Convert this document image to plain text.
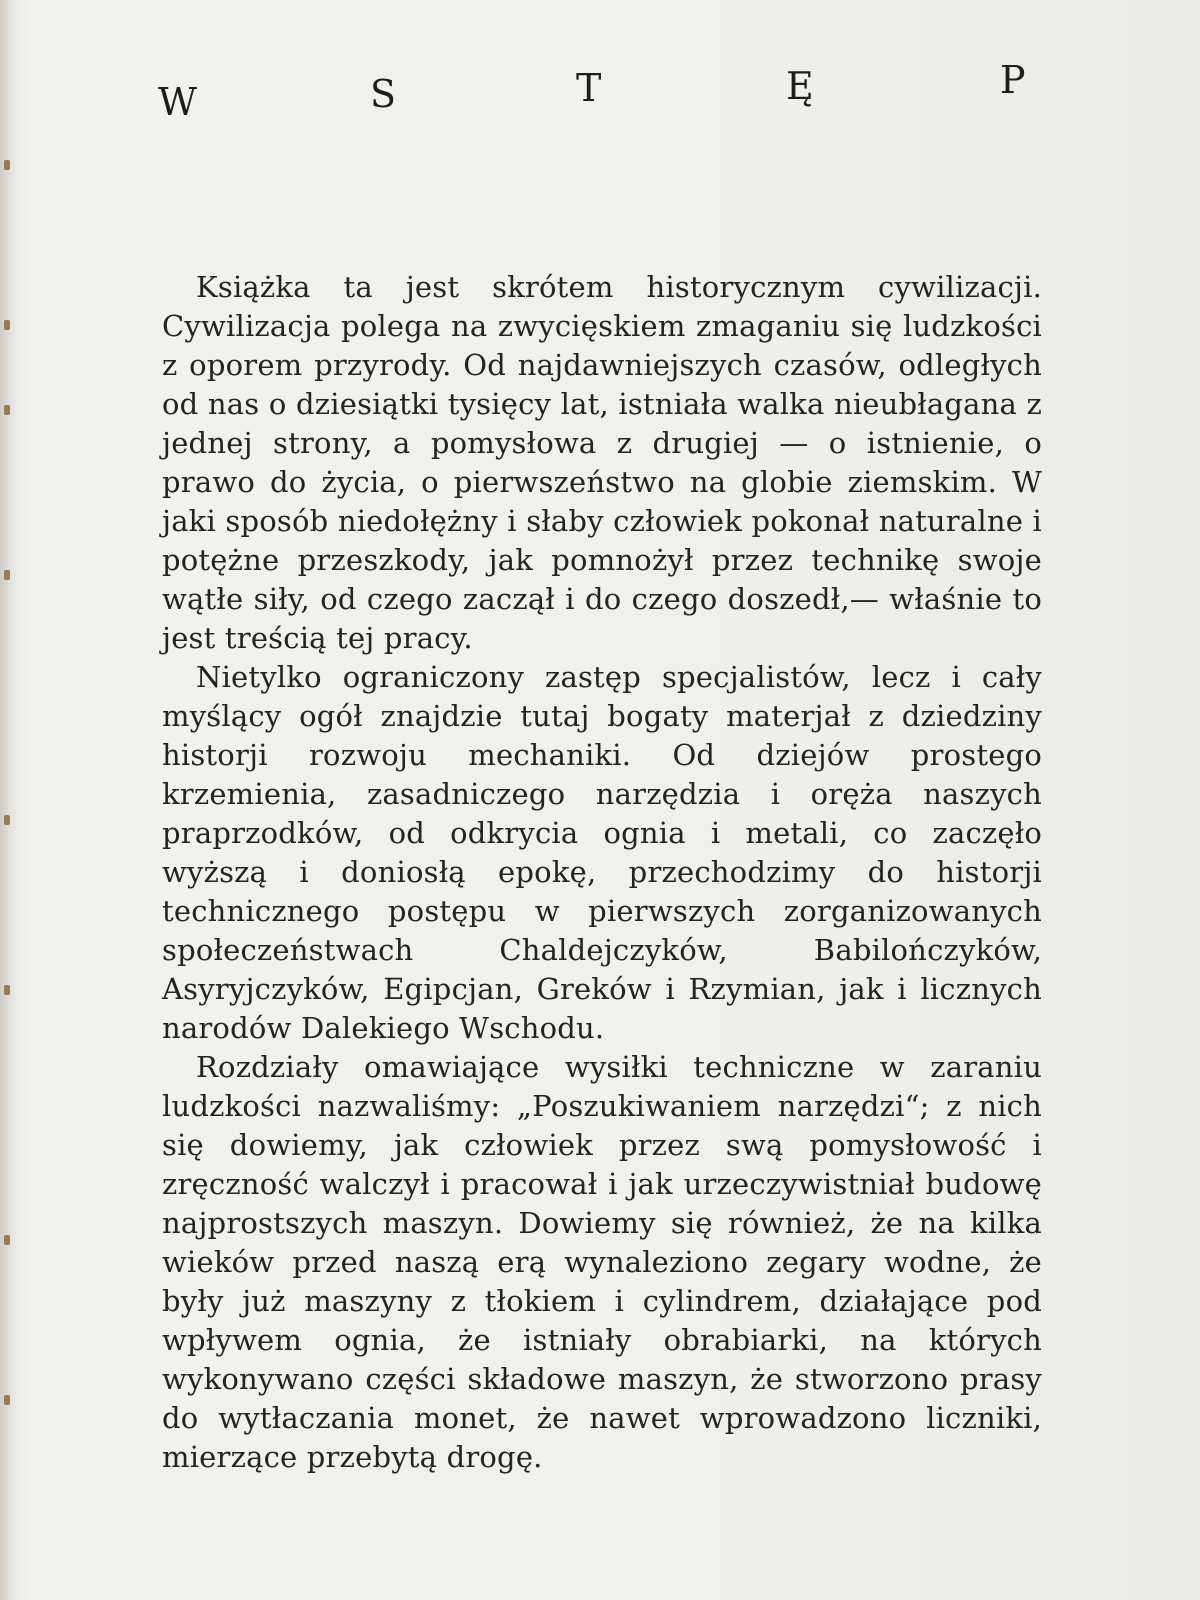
W	S	T	Ę	P

Książka ta jest skrótem historycznym cywilizacji. Cywilizacja polega na zwycięskiem zmaganiu się ludzkości z oporem przyrody. Od najdawniejszych czasów, odległych od nas o dziesiątki tysięcy lat, istniała walka nieubłagana z jednej strony, a pomysłowa z drugiej — o istnienie, o prawo do życia, o pierwszeństwo na globie ziemskim. W jaki sposób niedołężny i słaby człowiek pokonał naturalne i potężne przeszkody, jak pomnożył przez technikę swoje wątłe siły, od czego zaczął i do czego doszedł,— właśnie to jest treścią tej pracy.

Nietylko ograniczony zastęp specjalistów, lecz i cały myślący ogół znajdzie tutaj bogaty materjał z dziedziny historji rozwoju mechaniki. Od dziejów prostego krzemienia, zasadniczego narzędzia i oręża naszych praprzodków, od odkrycia ognia i metali, co zaczęło wyższą i doniosłą epokę, przechodzimy do historji technicznego postępu w pierwszych zorganizowanych społeczeństwach Chaldejczyków, Babilończyków, Asyryjczyków, Egipcjan, Greków i Rzymian, jak i licznych narodów Dalekiego Wschodu.

Rozdziały omawiające wysiłki techniczne w zaraniu ludzkości nazwaliśmy: „Poszukiwaniem narzędzi“; z nich się dowiemy, jak człowiek przez swą pomysłowość i zręczność walczył i pracował i jak urzeczywistniał budowę najprostszych maszyn. Dowiemy się również, że na kilka wieków przed naszą erą wynaleziono zegary wodne, że były już maszyny z tłokiem i cylindrem, działające pod wpływem ognia, że istniały obrabiarki, na których wykonywano części składowe maszyn, że stworzono prasy do wytłaczania monet, że nawet wprowadzono liczniki, mierzące przebytą drogę.
